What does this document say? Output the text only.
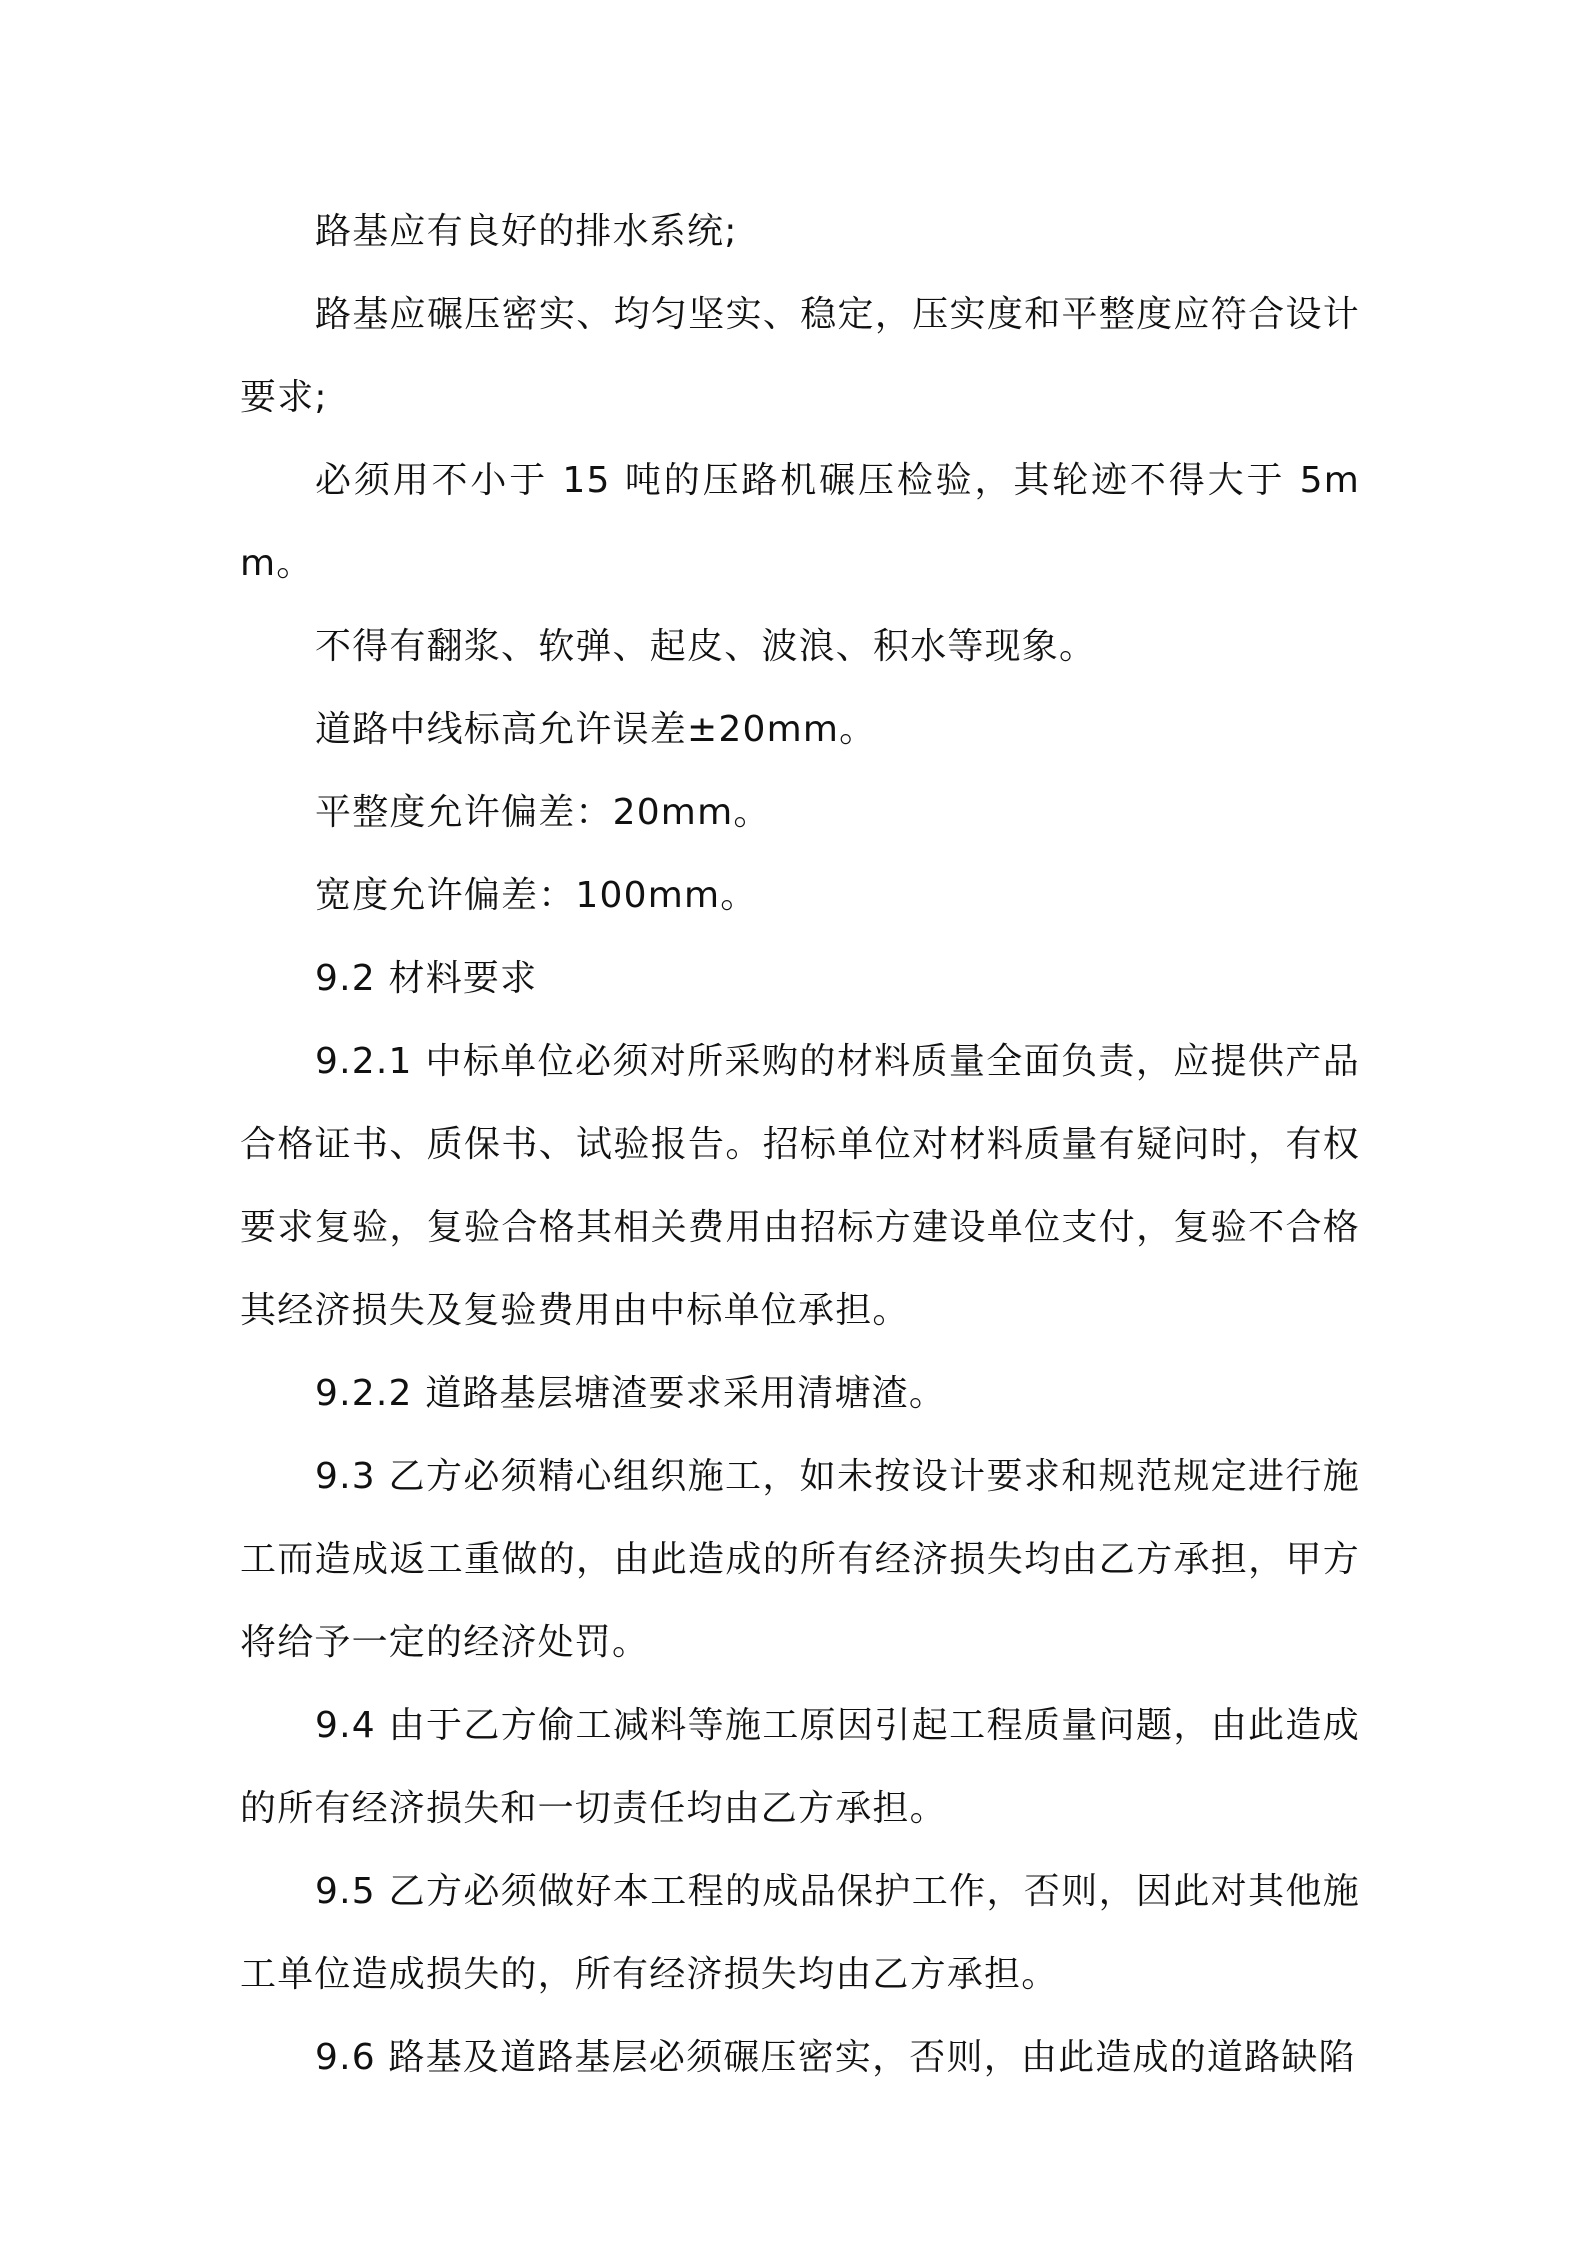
路基应有良好的排水系统;

路基应碾压密实、均匀坚实、稳定，压实度和平整度应符合设计要求;

必须用不小于 15 吨的压路机碾压检验，其轮迹不得大于 5mm。

不得有翻浆、软弹、起皮、波浪、积水等现象。

道路中线标高允许误差±20mm。

平整度允许偏差：20mm。

宽度允许偏差：100mm。

9.2 材料要求

9.2.1 中标单位必须对所采购的材料质量全面负责，应提供产品合格证书、质保书、试验报告。招标单位对材料质量有疑问时，有权要求复验，复验合格其相关费用由招标方建设单位支付，复验不合格其经济损失及复验费用由中标单位承担。

9.2.2 道路基层塘渣要求采用清塘渣。

9.3 乙方必须精心组织施工，如未按设计要求和规范规定进行施工而造成返工重做的，由此造成的所有经济损失均由乙方承担，甲方将给予一定的经济处罚。

9.4 由于乙方偷工减料等施工原因引起工程质量问题，由此造成的所有经济损失和一切责任均由乙方承担。

9.5 乙方必须做好本工程的成品保护工作，否则，因此对其他施工单位造成损失的，所有经济损失均由乙方承担。

9.6 路基及道路基层必须碾压密实，否则，由此造成的道路缺陷
